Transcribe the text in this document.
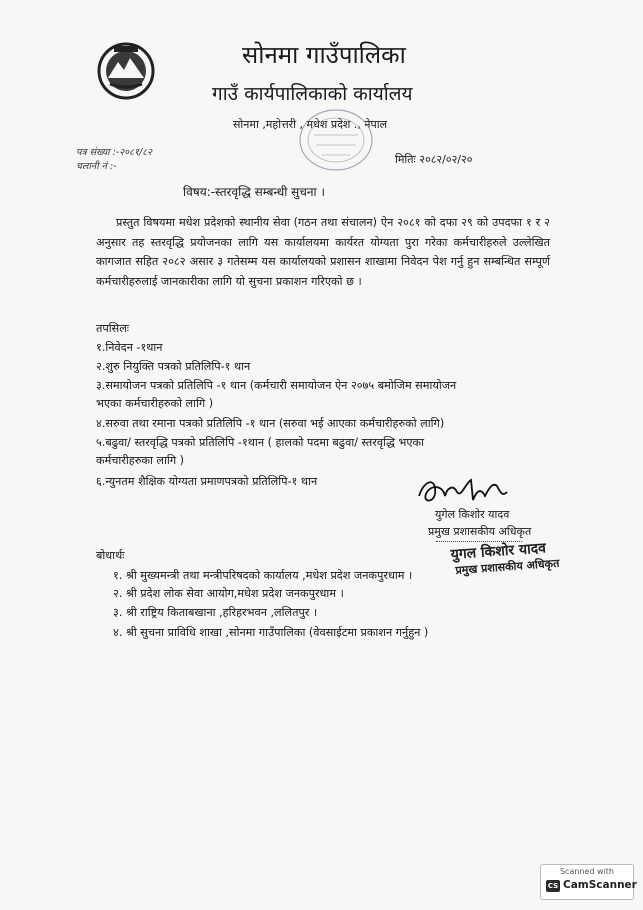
सोनमा गाउँपालिका
गाउँ कार्यपालिकाको कार्यालय
सोनमा ,महोत्तरी , मधेश प्रदेश ., नेपाल
पत्र संख्या :-२०८१/८२
चलानी नं :-
मितिः २०८२/०२/२०
विषय:-स्तरवृद्धि सम्बन्धी सुचना ।
प्रस्तुत विषयमा मधेश प्रदेशको स्थानीय सेवा (गठन तथा संचालन) ऐन २०८१ को दफा २९ को उपदफा १ र २ अनुसार तह स्तरवृद्धि प्रयोजनका लागि यस कार्यालयमा कार्यरत योग्यता पुरा गरेका कर्मचारीहरुले उल्लेखित कागजात सहित २०८२ असार ३ गतेसम्म यस कार्यालयको प्रशासन शाखामा निवेदन पेश गर्नु हुन सम्बन्धित सम्पूर्ण कर्मचारीहरुलाई जानकारीका लागि यो सुचना प्रकाशन गरिएको छ ।
तपसिलः
१.निवेदन -१थान
२.शुरु नियुक्ति पत्रको प्रतिलिपि-१ थान
३.समायोजन पत्रको प्रतिलिपि -१ थान (कर्मचारी समायोजन ऐन २०७५ बमोजिम समायोजन
भएका कर्मचारीहरुको लागि )
४.सरुवा तथा रमाना पत्रको प्रतिलिपि -१ थान (सरुवा भई आएका कर्मचारीहरुको लागि)
५.बढुवा/ स्तरवृद्धि पत्रको प्रतिलिपि -१थान ( हालको पदमा बढुवा/ स्तरवृद्धि भएका
कर्मचारीहरुका लागि )
६.न्युनतम शैक्षिक योग्यता प्रमाणपत्रको प्रतिलिपि-१ थान
युगेल किशोर यादव
प्रमुख प्रशासकीय अधिकृत
युगल किशोर यादव
प्रमुख प्रशासकीय अधिकृत
बोधार्थः
१. श्री मुख्यमन्त्री तथा मन्त्रीपरिषदको कार्यालय ,मधेश प्रदेश जनकपुरधाम ।
२. श्री प्रदेश लोक सेवा आयोग,मधेश प्रदेश जनकपुरधाम ।
३. श्री राष्ट्रिय किताबखाना ,हरिहरभवन ,ललितपुर ।
४. श्री सुचना प्राविधि शाखा ,सोनमा गाउँपालिका (वेवसाईटमा प्रकाशन गर्नुहुन )
Scanned with
CS CamScanner
